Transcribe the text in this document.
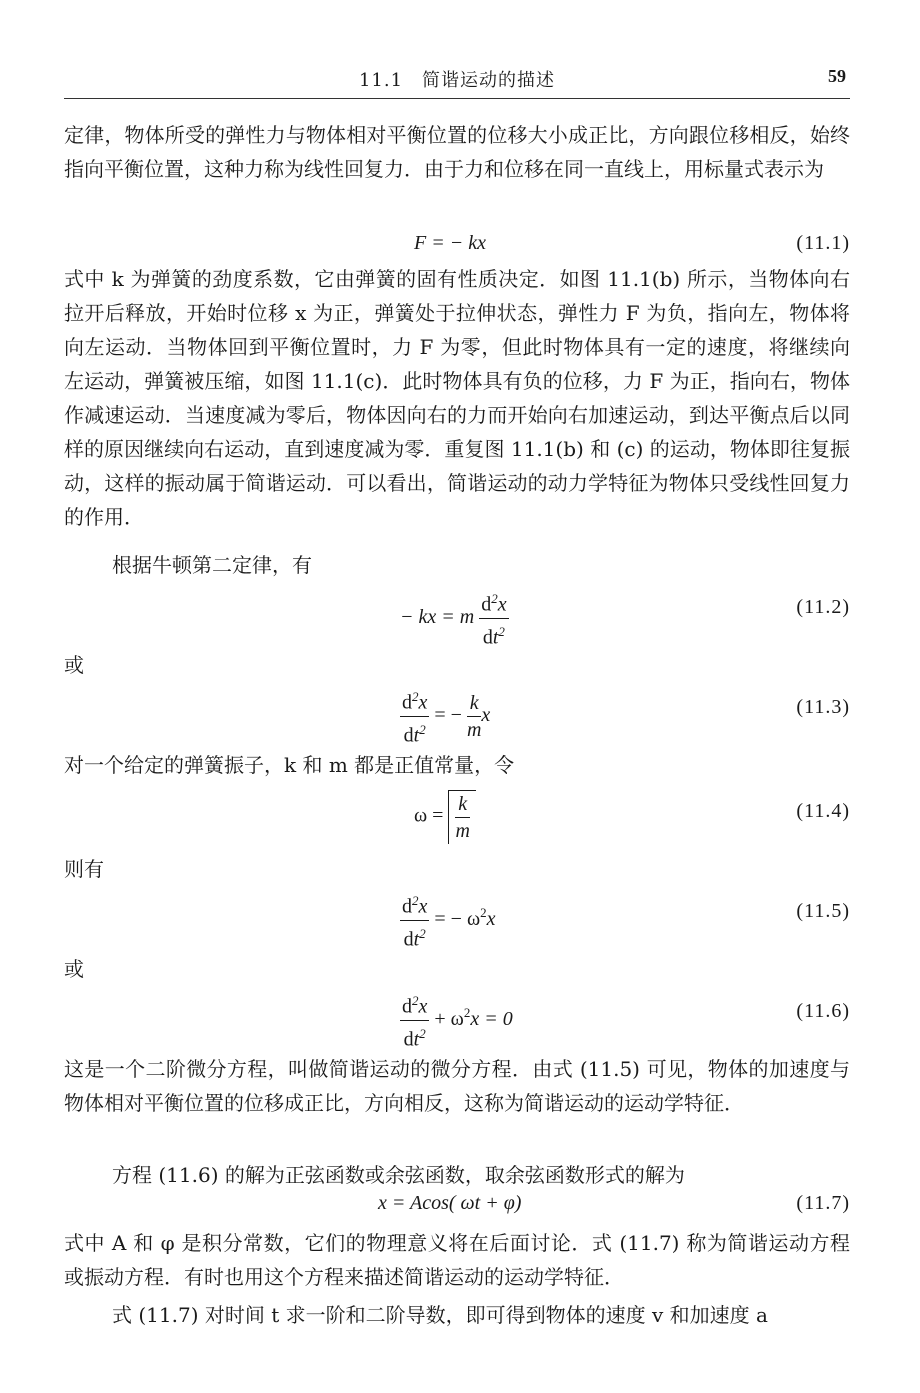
11.1　简谐运动的描述	59
定律，物体所受的弹性力与物体相对平衡位置的位移大小成正比，方向跟位移相反，始终指向平衡位置，这种力称为线性回复力．由于力和位移在同一直线上，用标量式表示为
F = − kx	(11.1)
式中 k 为弹簧的劲度系数，它由弹簧的固有性质决定．如图 11.1(b) 所示，当物体向右拉开后释放，开始时位移 x 为正，弹簧处于拉伸状态，弹性力 F 为负，指向左，物体将向左运动．当物体回到平衡位置时，力 F 为零，但此时物体具有一定的速度，将继续向左运动，弹簧被压缩，如图 11.1(c)．此时物体具有负的位移，力 F 为正，指向右，物体作减速运动．当速度减为零后，物体因向右的力而开始向右加速运动，到达平衡点后以同样的原因继续向右运动，直到速度减为零．重复图 11.1(b) 和 (c) 的运动，物体即往复振动，这样的振动属于简谐运动．可以看出，简谐运动的动力学特征为物体只受线性回复力的作用．
根据牛顿第二定律，有
− kx = m $\frac{d^2x}{dt^2}$	(11.2)
或
$\frac{d^2x}{dt^2}$ = − $\frac{k}{m}$ x	(11.3)
对一个给定的弹簧振子，k 和 m 都是正值常量，令
$\omega = \frac{k}{m}$	(11.4)
则有
$\frac{d^2x}{dt^2}$ = − $\omega^2x$	(11.5)
或
$\frac{d^2x}{dt^2} + \omega^2x = 0$	(11.6)
这是一个二阶微分方程，叫做简谐运动的微分方程．由式 (11.5) 可见，物体的加速度与物体相对平衡位置的位移成正比，方向相反，这称为简谐运动的运动学特征．
方程 (11.6) 的解为正弦函数或余弦函数，取余弦函数形式的解为
x = Acos( ωt + φ)	(11.7)
式中 A 和 φ 是积分常数，它们的物理意义将在后面讨论．式 (11.7) 称为简谐运动方程或振动方程．有时也用这个方程来描述简谐运动的运动学特征．
式 (11.7) 对时间 t 求一阶和二阶导数，即可得到物体的速度 v 和加速度 a
